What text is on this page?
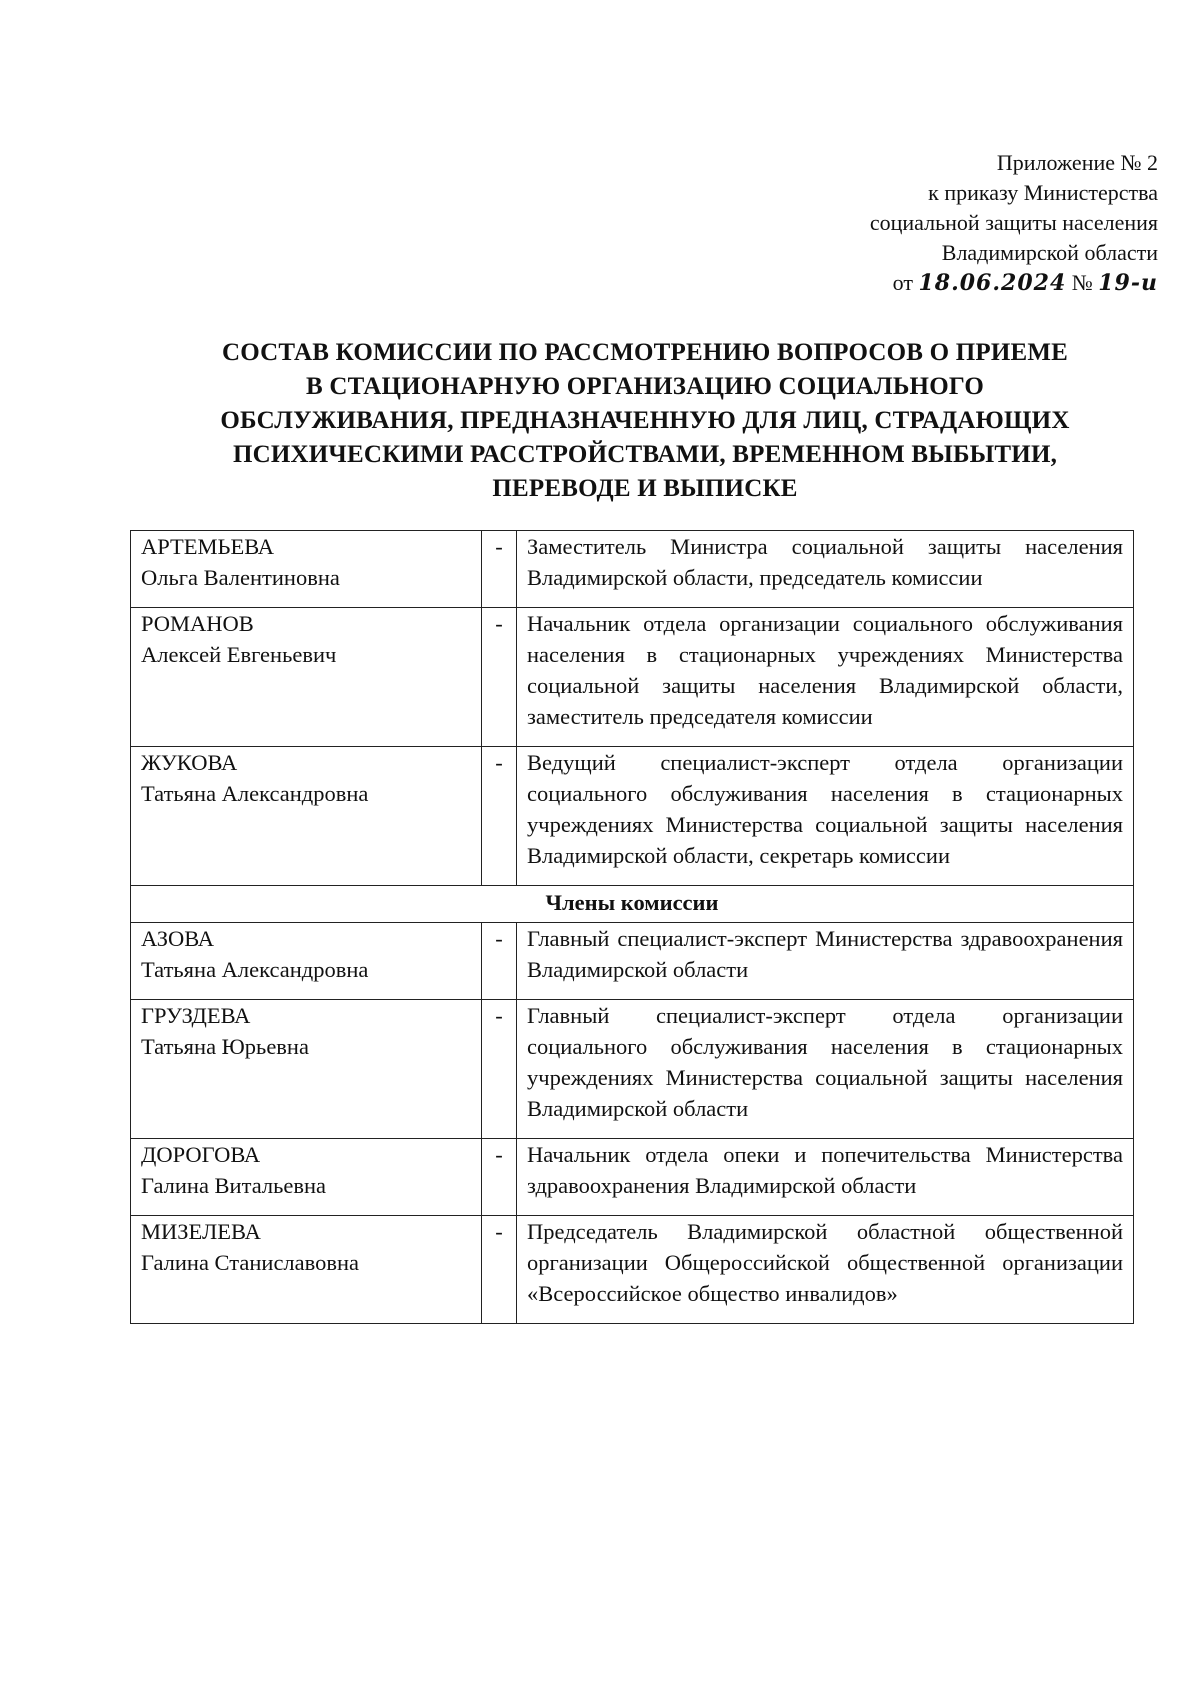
Приложение № 2
к приказу Министерства
социальной защиты населения
Владимирской области
от 18.06.2024 № 19-и
СОСТАВ КОМИССИИ ПО РАССМОТРЕНИЮ ВОПРОСОВ О ПРИЕМЕ
В СТАЦИОНАРНУЮ ОРГАНИЗАЦИЮ СОЦИАЛЬНОГО
ОБСЛУЖИВАНИЯ, ПРЕДНАЗНАЧЕННУЮ ДЛЯ ЛИЦ, СТРАДАЮЩИХ
ПСИХИЧЕСКИМИ РАССТРОЙСТВАМИ, ВРЕМЕННОМ ВЫБЫТИИ,
ПЕРЕВОДЕ И ВЫПИСКЕ
АРТЕМЬЕВА
Ольга Валентиновна	-	Заместитель Министра социальной защиты населения Владимирской области, председатель комиссии

РОМАНОВ
Алексей Евгеньевич	-	Начальник отдела организации социального обслуживания населения в стационарных учреждениях Министерства социальной защиты населения Владимирской области, заместитель председателя комиссии

ЖУКОВА
Татьяна Александровна	-	Ведущий специалист-эксперт отдела организации социального обслуживания населения в стационарных учреждениях Министерства социальной защиты населения Владимирской области, секретарь комиссии
Члены комиссии		

АЗОВА
Татьяна Александровна	-	Главный специалист-эксперт Министерства здравоохранения Владимирской области

ГРУЗДЕВА
Татьяна Юрьевна	-	Главный специалист-эксперт отдела организации социального обслуживания населения в стационарных учреждениях Министерства социальной защиты населения Владимирской области

ДОРОГОВА
Галина Витальевна	-	Начальник отдела опеки и попечительства Министерства здравоохранения Владимирской области

МИЗЕЛЕВА
Галина Станиславовна	-	Председатель Владимирской областной общественной организации Общероссийской общественной организации «Всероссийское общество инвалидов»
